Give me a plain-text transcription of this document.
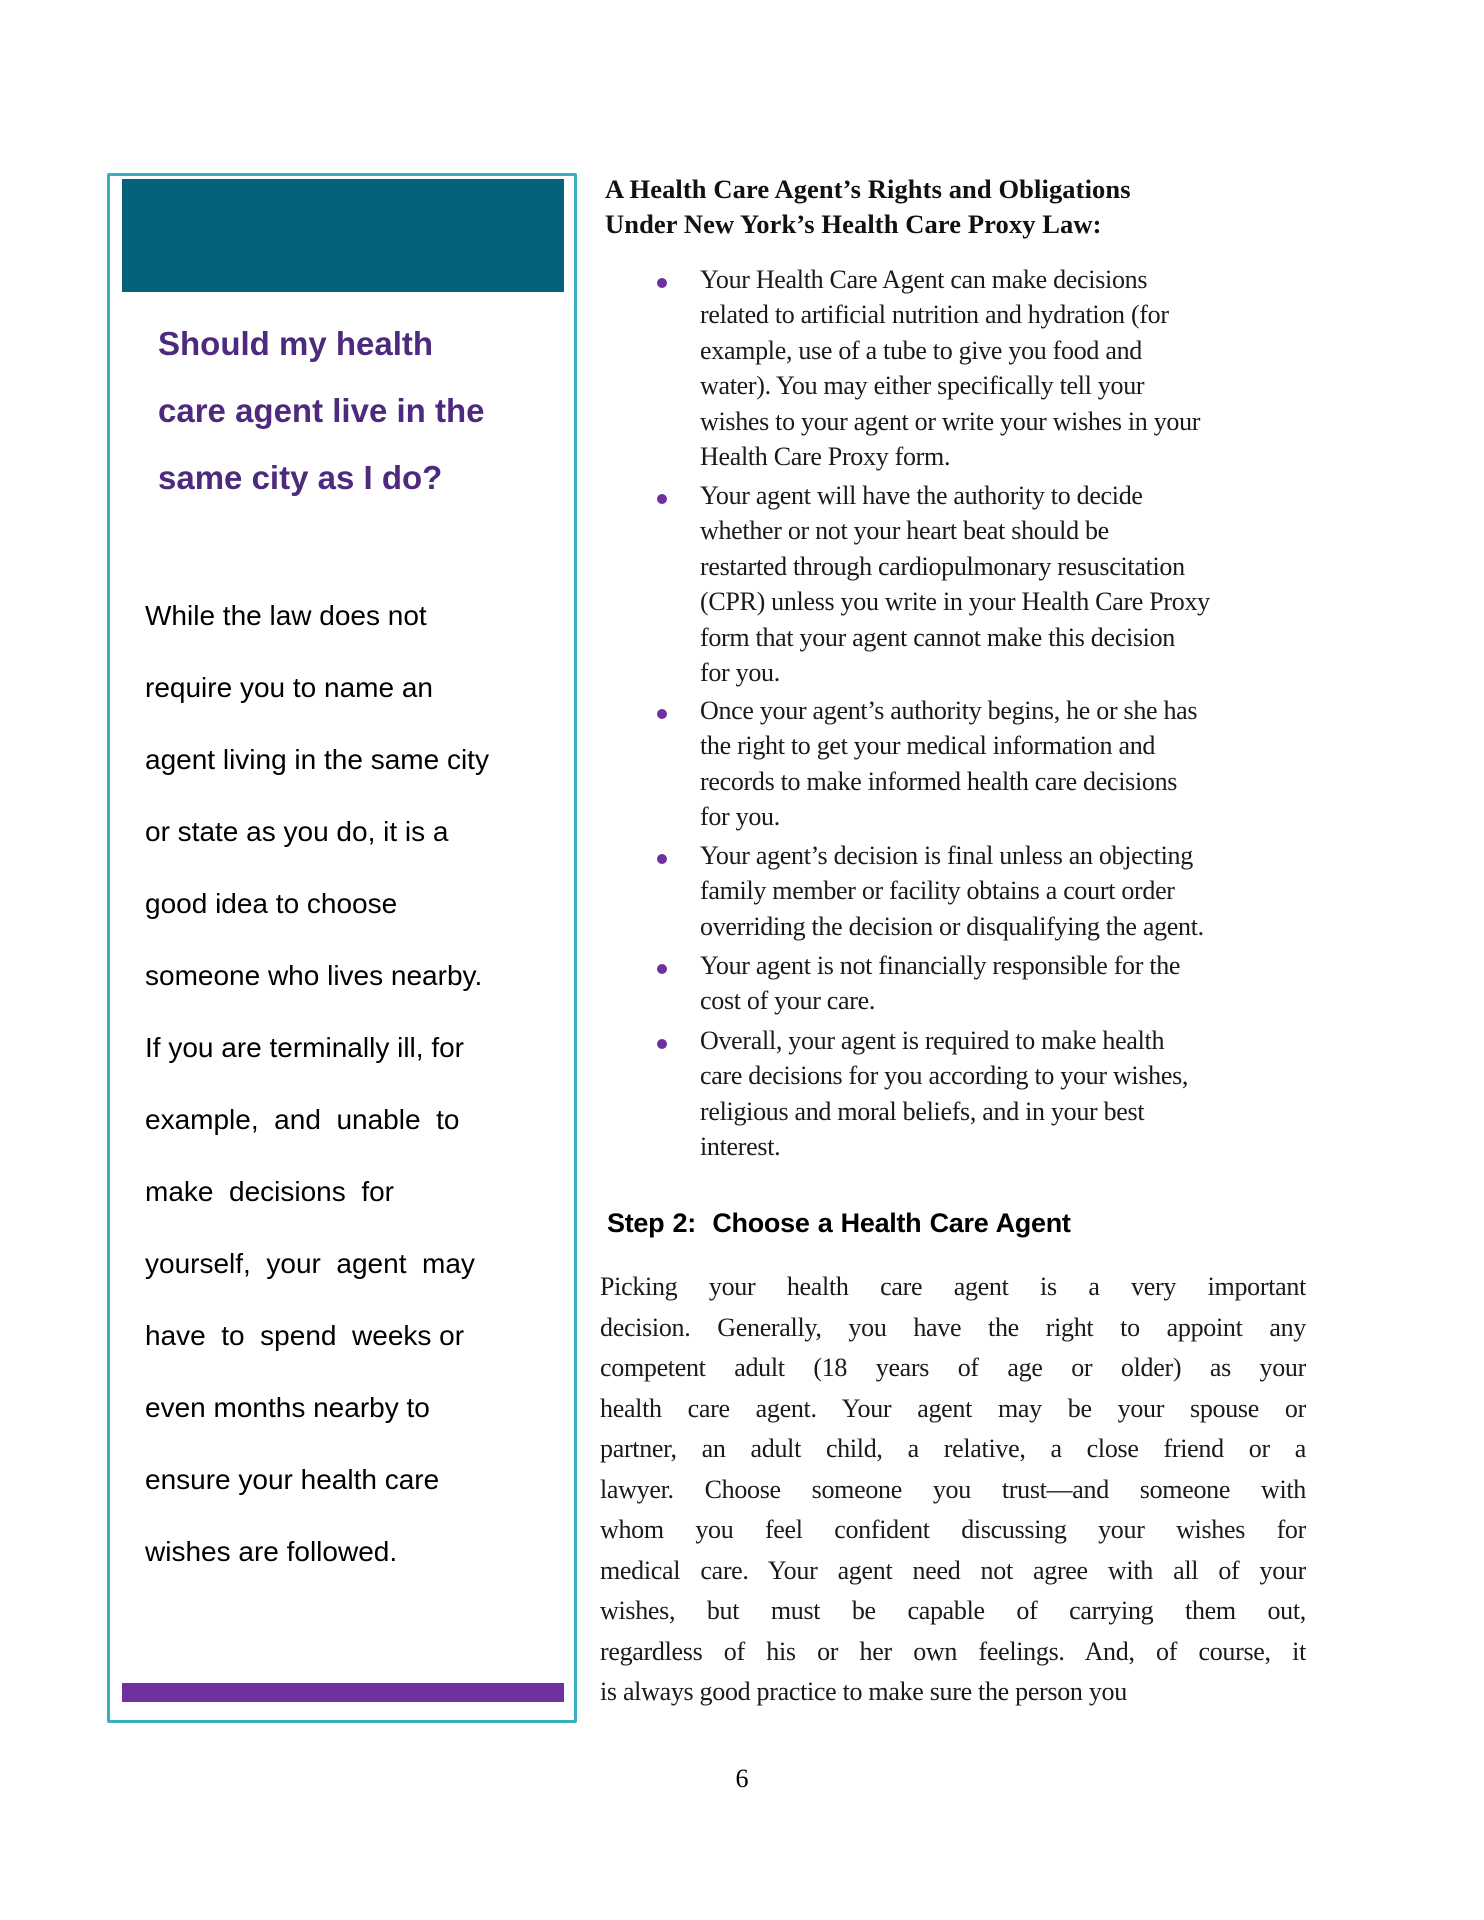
Should my health
care agent live in the
same city as I do?
While the law does not
require you to name an
agent living in the same city
or state as you do, it is a
good idea to choose
someone who lives nearby.
If you are terminally ill, for
example,  and  unable  to
make  decisions  for
yourself,  your  agent  may
have  to  spend  weeks or
even months nearby to
ensure your health care
wishes are followed.
A Health Care Agent’s Rights and Obligations
Under New York’s Health Care Proxy Law:
Your Health Care Agent can make decisions
related to artificial nutrition and hydration (for
example, use of a tube to give you food and
water). You may either specifically tell your
wishes to your agent or write your wishes in your
Health Care Proxy form.
Your agent will have the authority to decide
whether or not your heart beat should be
restarted through cardiopulmonary resuscitation
(CPR) unless you write in your Health Care Proxy
form that your agent cannot make this decision
for you.
Once your agent’s authority begins, he or she has
the right to get your medical information and
records to make informed health care decisions
for you.
Your agent’s decision is final unless an objecting
family member or facility obtains a court order
overriding the decision or disqualifying the agent.
Your agent is not financially responsible for the
cost of your care.
Overall, your agent is required to make health
care decisions for you according to your wishes,
religious and moral beliefs, and in your best
interest.
Step 2:  Choose a Health Care Agent
Picking your health care agent is a very important
decision. Generally, you have the right to appoint any
competent adult (18 years of age or older) as your
health care agent. Your agent may be your spouse or
partner, an adult child, a relative, a close friend or a
lawyer. Choose someone you trust—and someone with
whom you feel confident discussing your wishes for
medical care. Your agent need not agree with all of your
wishes, but must be capable of carrying them out,
regardless of his or her own feelings. And, of course, it
is always good practice to make sure the person you
6
